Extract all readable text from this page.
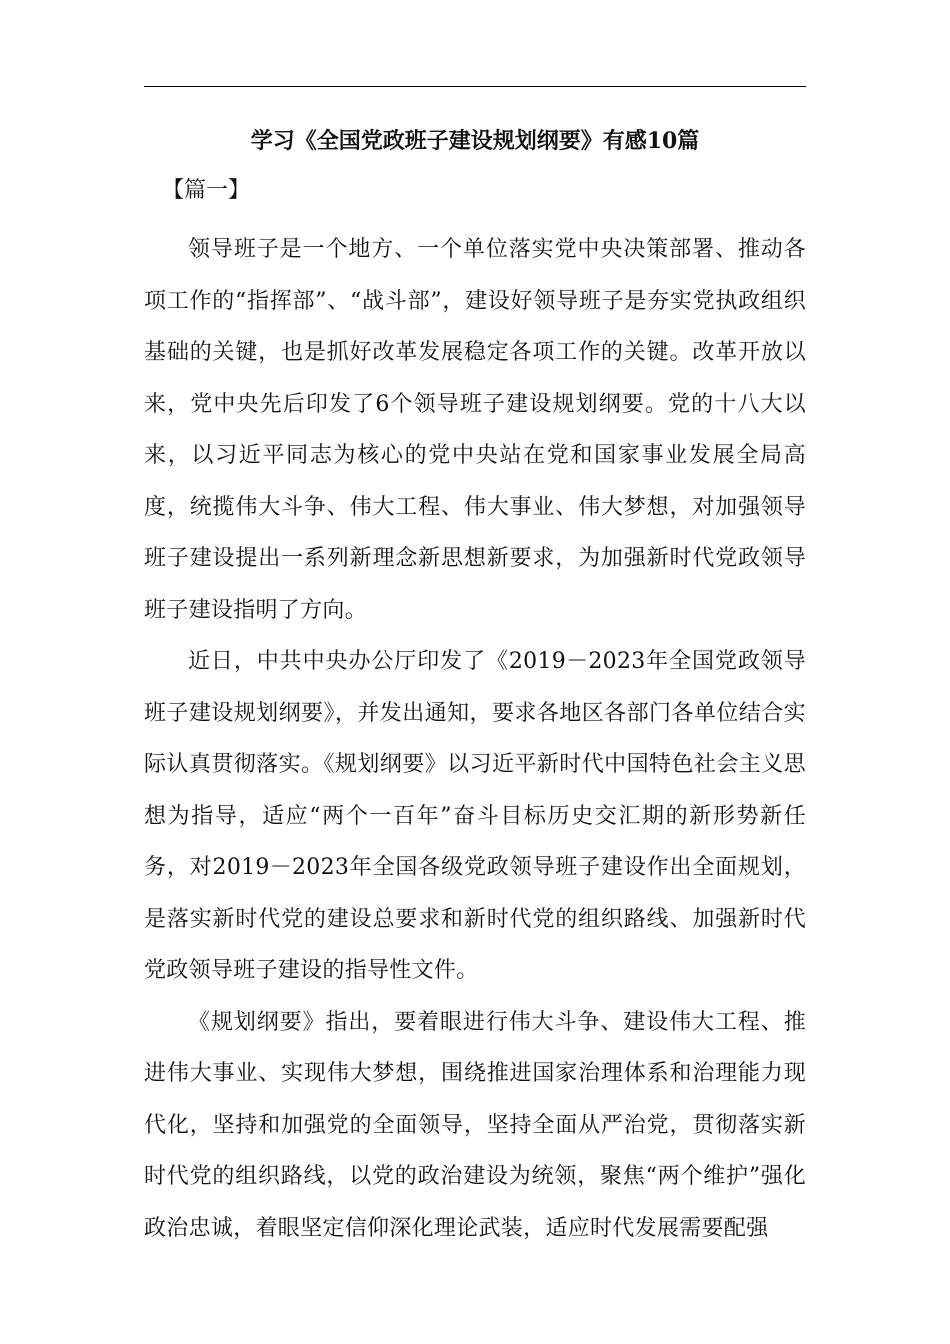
学习《全国党政班子建设规划纲要》有感10篇
【篇一】

领导班子是一个地方、一个单位落实党中央决策部署、推动各项工作的“指挥部”、“战斗部”，建设好领导班子是夯实党执政组织基础的关键，也是抓好改革发展稳定各项工作的关键。改革开放以来，党中央先后印发了6个领导班子建设规划纲要。党的十八大以来，以习近平同志为核心的党中央站在党和国家事业发展全局高度，统揽伟大斗争、伟大工程、伟大事业、伟大梦想，对加强领导班子建设提出一系列新理念新思想新要求，为加强新时代党政领导班子建设指明了方向。

近日，中共中央办公厅印发了《2019－2023年全国党政领导班子建设规划纲要》，并发出通知，要求各地区各部门各单位结合实际认真贯彻落实。《规划纲要》以习近平新时代中国特色社会主义思想为指导，适应“两个一百年”奋斗目标历史交汇期的新形势新任务，对2019－2023年全国各级党政领导班子建设作出全面规划，是落实新时代党的建设总要求和新时代党的组织路线、加强新时代党政领导班子建设的指导性文件。

《规划纲要》指出，要着眼进行伟大斗争、建设伟大工程、推进伟大事业、实现伟大梦想，围绕推进国家治理体系和治理能力现代化，坚持和加强党的全面领导，坚持全面从严治党，贯彻落实新时代党的组织路线，以党的政治建设为统领，聚焦“两个维护”强化政治忠诚，着眼坚定信仰深化理论武装，适应时代发展需要配强
